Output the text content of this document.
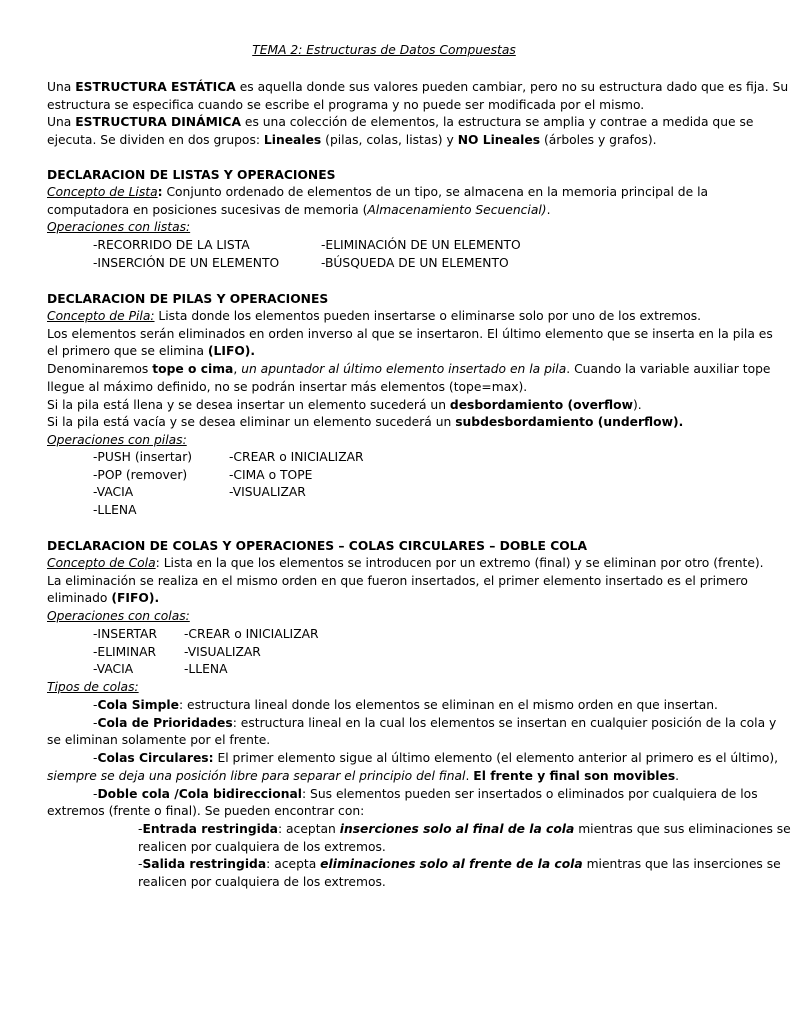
TEMA 2: Estructuras de Datos Compuestas
Una ESTRUCTURA ESTÁTICA es aquella donde sus valores pueden cambiar, pero no su estructura dado que es fija. Su
estructura se especifica cuando se escribe el programa y no puede ser modificada por el mismo.
Una ESTRUCTURA DINÁMICA es una colección de elementos, la estructura se amplia y contrae a medida que se
ejecuta. Se dividen en dos grupos: Lineales (pilas, colas, listas) y NO Lineales (árboles y grafos).
DECLARACION DE LISTAS Y OPERACIONES
Concepto de Lista: Conjunto ordenado de elementos de un tipo, se almacena en la memoria principal de la
computadora en posiciones sucesivas de memoria (Almacenamiento Secuencial).
Operaciones con listas:
-RECORRIDO DE LA LISTA	-ELIMINACIÓN DE UN ELEMENTO
-INSERCIÓN DE UN ELEMENTO	-BÚSQUEDA DE UN ELEMENTO
DECLARACION DE PILAS Y OPERACIONES
Concepto de Pila: Lista donde los elementos pueden insertarse o eliminarse solo por uno de los extremos.
Los elementos serán eliminados en orden inverso al que se insertaron. El último elemento que se inserta en la pila es
el primero que se elimina (LIFO).
Denominaremos tope o cima, un apuntador al último elemento insertado en la pila. Cuando la variable auxiliar tope
llegue al máximo definido, no se podrán insertar más elementos (tope=max).
Si la pila está llena y se desea insertar un elemento sucederá un desbordamiento (overflow).
Si la pila está vacía y se desea eliminar un elemento sucederá un subdesbordamiento (underflow).
Operaciones con pilas:
-PUSH (insertar)	-CREAR o INICIALIZAR
-POP (remover)	-CIMA o TOPE
-VACIA	-VISUALIZAR
-LLENA
DECLARACION DE COLAS Y OPERACIONES – COLAS CIRCULARES – DOBLE COLA
Concepto de Cola: Lista en la que los elementos se introducen por un extremo (final) y se eliminan por otro (frente).
La eliminación se realiza en el mismo orden en que fueron insertados, el primer elemento insertado es el primero
eliminado (FIFO).
Operaciones con colas:
-INSERTAR -CREAR o INICIALIZAR
-ELIMINAR -VISUALIZAR
-VACIA	-LLENA
Tipos de colas:
-Cola Simple: estructura lineal donde los elementos se eliminan en el mismo orden en que insertan.
-Cola de Prioridades: estructura lineal en la cual los elementos se insertan en cualquier posición de la cola y
se eliminan solamente por el frente.
-Colas Circulares: El primer elemento sigue al último elemento (el elemento anterior al primero es el último),
siempre se deja una posición libre para separar el principio del final. El frente y final son movibles.
-Doble cola /Cola bidireccional: Sus elementos pueden ser insertados o eliminados por cualquiera de los
extremos (frente o final). Se pueden encontrar con:
-Entrada restringida: aceptan inserciones solo al final de la cola mientras que sus eliminaciones se
realicen por cualquiera de los extremos.
-Salida restringida: acepta eliminaciones solo al frente de la cola mientras que las inserciones se
realicen por cualquiera de los extremos.
